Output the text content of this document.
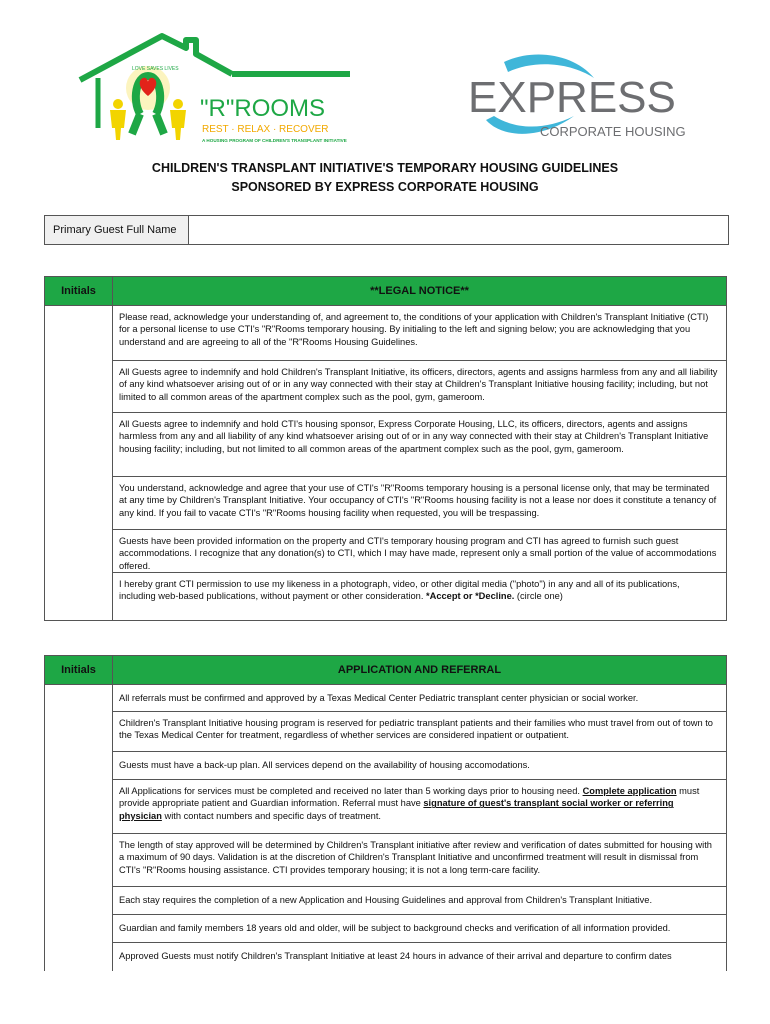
LOVE SAVES LIVES
"R"ROOMS
REST · RELAX · RECOVER
A HOUSING PROGRAM OF CHILDREN'S TRANSPLANT INITIATIVE
EXPRESS
CORPORATE HOUSING
CHILDREN'S TRANSPLANT INITIATIVE'S TEMPORARY HOUSING GUIDELINES
SPONSORED BY EXPRESS CORPORATE HOUSING
Primary Guest Full Name
Initials	**LEGAL NOTICE**
Please read, acknowledge your understanding of, and agreement to, the conditions of your application with Children's Transplant Initiative (CTI) for a personal license to use CTI's "R"Rooms temporary housing. By initialing to the left and signing below; you are acknowledging that you understand and are agreeing to all of the "R"Rooms Housing Guidelines.
All Guests agree to indemnify and hold Children's Transplant Initiative, its officers, directors, agents and assigns harmless from any and all liability of any kind whatsoever arising out of or in any way connected with their stay at Children's Transplant Initiative housing facility; including, but not limited to all common areas of the apartment complex such as the pool, gym, gameroom.
All Guests agree to indemnify and hold CTI's housing sponsor, Express Corporate Housing, LLC, its officers, directors, agents and assigns harmless from any and all liability of any kind whatsoever arising out of or in any way connected with their stay at Children's Transplant Initiative housing facility; including, but not limited to all common areas of the apartment complex such as the pool, gym, gameroom.
You understand, acknowledge and agree that your use of CTI's "R"Rooms temporary housing is a personal license only, that may be terminated at any time by Children's Transplant Initiative. Your occupancy of CTI's "R"Rooms housing facility is not a lease nor does it constitute a tenancy of any kind. If you fail to vacate CTI's "R"Rooms housing facility when requested, you will be trespassing.
Guests have been provided information on the property and CTI's temporary housing program and CTI has agreed to furnish such guest accommodations. I recognize that any donation(s) to CTI, which I may have made, represent only a small portion of the value of accommodations offered.
I hereby grant CTI permission to use my likeness in a photograph, video, or other digital media ("photo") in any and all of its publications, including web-based publications, without payment or other consideration. *Accept or *Decline. (circle one)
Initials	APPLICATION AND REFERRAL
All referrals must be confirmed and approved by a Texas Medical Center Pediatric transplant center physician or social worker.
Children's Transplant Initiative housing program is reserved for pediatric transplant patients and their families who must travel from out of town to the Texas Medical Center for treatment, regardless of whether services are considered inpatient or outpatient.
Guests must have a back-up plan. All services depend on the availability of housing accomodations.
All Applications for services must be completed and received no later than 5 working days prior to housing need. Complete application must provide appropriate patient and Guardian information. Referral must have signature of guest's transplant social worker or referring physician with contact numbers and specific days of treatment.
The length of stay approved will be determined by Children's Transplant initiative after review and verification of dates submitted for housing with a maximum of 90 days. Validation is at the discretion of Children's Transplant Initiative and unconfirmed treatment will result in dismissal from CTI's "R"Rooms housing assistance. CTI provides temporary housing; it is not a long term-care facility.
Each stay requires the completion of a new Application and Housing Guidelines and approval from Children's Transplant Initiative.
Guardian and family members 18 years old and older, will be subject to background checks and verification of all information provided.
Approved Guests must notify Children's Transplant Initiative at least 24 hours in advance of their arrival and departure to confirm dates
